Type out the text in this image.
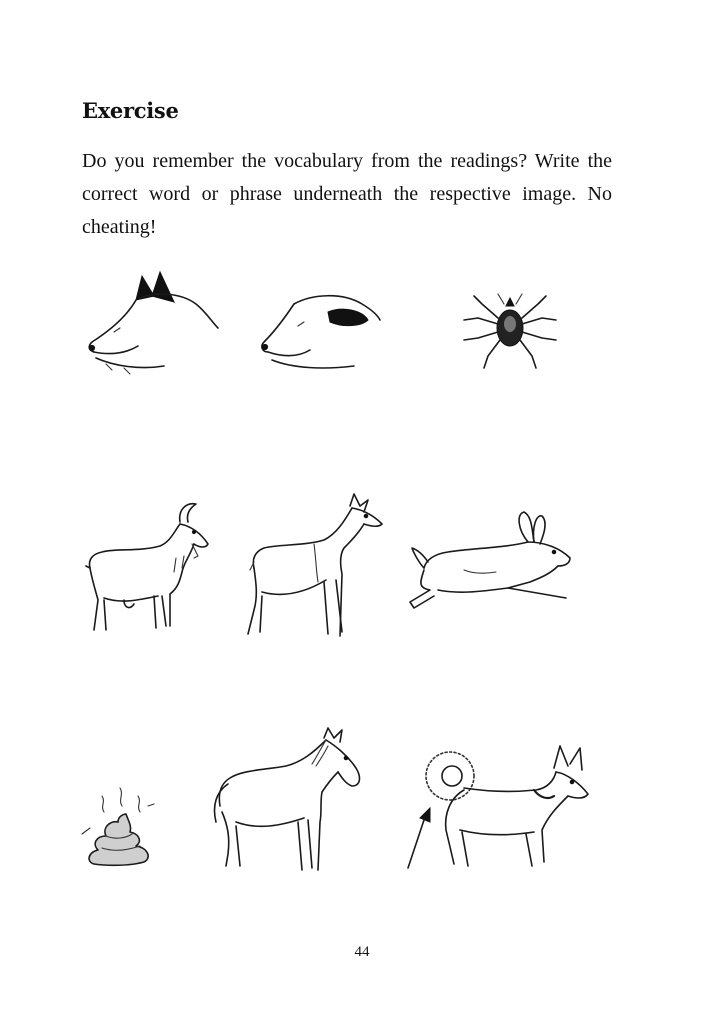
Exercise

Do you remember the vocabulary from the readings? Write the correct word or phrase underneath the respective image. No cheating!

44
